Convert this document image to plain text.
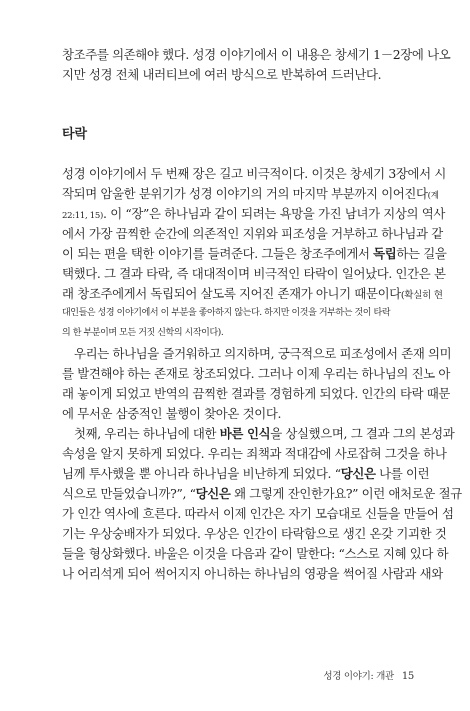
창조주를 의존해야 했다. 성경 이야기에서 이 내용은 창세기 1－2장에 나오
지만 성경 전체 내러티브에 여러 방식으로 반복하여 드러난다.
타락
성경 이야기에서 두 번째 장은 길고 비극적이다. 이것은 창세기 3장에서 시
작되며 암울한 분위기가 성경 이야기의 거의 마지막 부분까지 이어진다(계
22:11, 15). 이 “장”은 하나님과 같이 되려는 욕망을 가진 남녀가 지상의 역사
에서 가장 끔찍한 순간에 의존적인 지위와 피조성을 거부하고 하나님과 같
이 되는 편을 택한 이야기를 들려준다. 그들은 창조주에게서 독립하는 길을
택했다. 그 결과 타락, 즉 대대적이며 비극적인 타락이 일어났다. 인간은 본
래 창조주에게서 독립되어 살도록 지어진 존재가 아니기 때문이다(확실히 현
대인들은 성경 이야기에서 이 부분을 좋아하지 않는다. 하지만 이것을 거부하는 것이 타락
의 한 부분이며 모든 거짓 신학의 시작이다).
우리는 하나님을 즐거워하고 의지하며, 궁극적으로 피조성에서 존재 의미
를 발견해야 하는 존재로 창조되었다. 그러나 이제 우리는 하나님의 진노 아
래 놓이게 되었고 반역의 끔찍한 결과를 경험하게 되었다. 인간의 타락 때문
에 무서운 삼중적인 불행이 찾아온 것이다.
첫째, 우리는 하나님에 대한 바른 인식을 상실했으며, 그 결과 그의 본성과
속성을 알지 못하게 되었다. 우리는 죄책과 적대감에 사로잡혀 그것을 하나
님께 투사했을 뿐 아니라 하나님을 비난하게 되었다. “당신은 나를 이런
식으로 만들었습니까?”, “당신은 왜 그렇게 잔인한가요?” 이런 애처로운 절규
가 인간 역사에 흐른다. 따라서 이제 인간은 자기 모습대로 신들을 만들어 섬
기는 우상숭배자가 되었다. 우상은 인간이 타락함으로 생긴 온갖 기괴한 것
들을 형상화했다. 바울은 이것을 다음과 같이 말한다: “스스로 지혜 있다 하
나 어리석게 되어 썩어지지 아니하는 하나님의 영광을 썩어질 사람과 새와
성경 이야기: 개관 15
